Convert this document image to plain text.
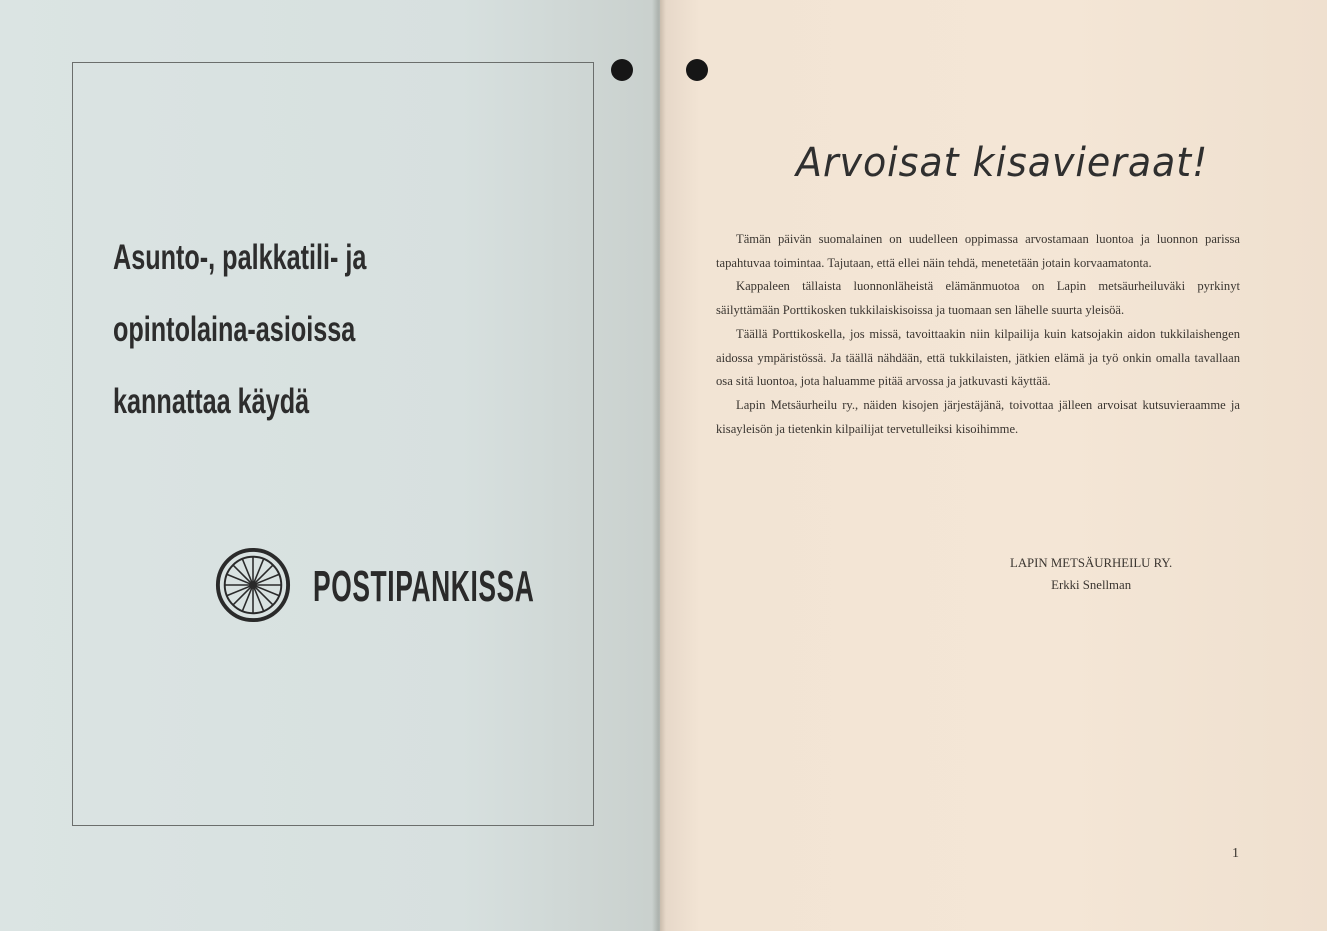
Asunto-, palkkatili- ja
opintolaina-asioissa
kannattaa käydä
POSTIPANKISSA
Arvoisat kisavieraat!

Tämän päivän suomalainen on uudelleen oppimassa arvostamaan luontoa ja luonnon parissa tapahtuvaa toimintaa. Tajutaan, että ellei näin tehdä, menetetään jotain korvaamatonta.

Kappaleen tällaista luonnonläheistä elämänmuotoa on Lapin metsäurheiluväki pyrkinyt säilyttämään Porttikosken tukkilaiskisoissa ja tuomaan sen lähelle suurta yleisöä.

Täällä Porttikoskella, jos missä, tavoittaakin niin kilpailija kuin katsojakin aidon tukkilaishengen aidossa ympäristössä. Ja täällä nähdään, että tukkilaisten, jätkien elämä ja työ onkin omalla tavallaan osa sitä luontoa, jota haluamme pitää arvossa ja jatkuvasti käyttää.

Lapin Metsäurheilu ry., näiden kisojen järjestäjänä, toivottaa jälleen arvoisat kutsuvieraamme ja kisayleisön ja tietenkin kilpailijat tervetulleiksi kisoihimme.

LAPIN METSÄURHEILU RY.
Erkki Snellman
1
